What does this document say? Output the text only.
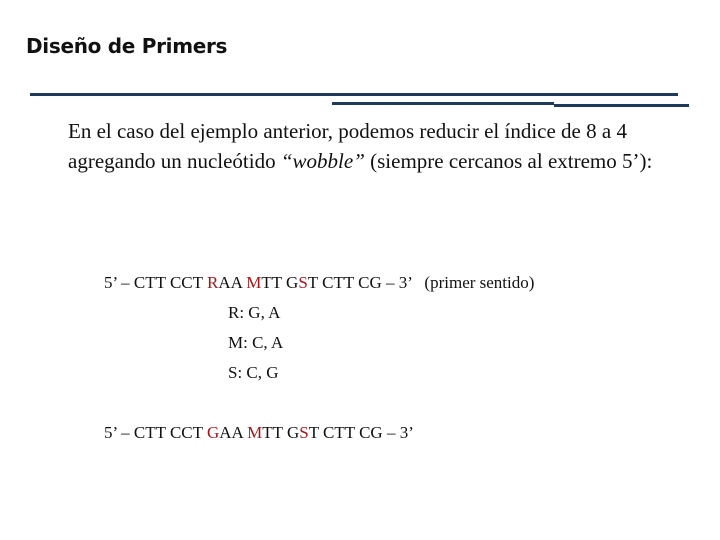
Diseño de Primers
En el caso del ejemplo anterior, podemos reducir el índice de 8 a 4 agregando un nucleótido “wobble” (siempre cercanos al extremo 5’):
5’ – CTT CCT RAA MTT GST CTT CG – 3’   (primer sentido)
R: G, A
M: C, A
S: C, G
5’ – CTT CCT GAA MTT GST CTT CG – 3’
